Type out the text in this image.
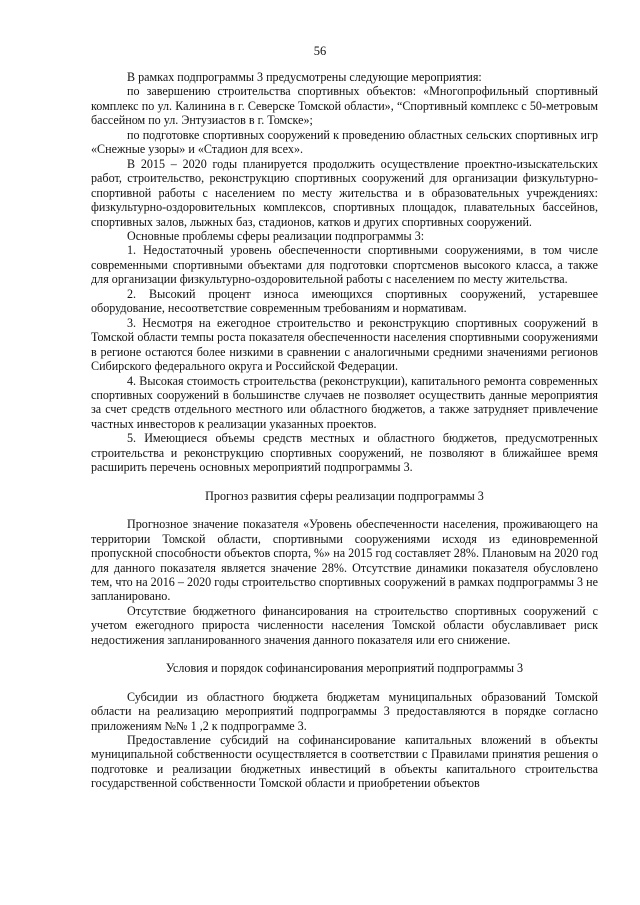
56

В рамках подпрограммы 3 предусмотрены следующие мероприятия:

по завершению строительства спортивных объектов: «Многопрофильный спортивный комплекс по ул. Калинина в г. Северске Томской области», “Спортивный комплекс с 50-метровым бассейном по ул. Энтузиастов в г. Томске»;

по подготовке спортивных сооружений к проведению областных сельских спортивных игр «Снежные узоры» и «Стадион для всех».

В 2015 – 2020 годы планируется продолжить осуществление проектно-изыскательских работ, строительство, реконструкцию спортивных сооружений для организации физкультурно-спортивной работы с населением по месту жительства и в образовательных учреждениях: физкультурно-оздоровительных комплексов, спортивных площадок, плавательных бассейнов, спортивных залов, лыжных баз, стадионов, катков и других спортивных сооружений.

Основные проблемы сферы реализации подпрограммы 3:

1. Недостаточный уровень обеспеченности спортивными сооружениями, в том числе современными спортивными объектами для подготовки спортсменов высокого класса, а также для организации физкультурно-оздоровительной работы с населением по месту жительства.

2. Высокий процент износа имеющихся спортивных сооружений, устаревшее оборудование, несоответствие современным требованиям и нормативам.

3. Несмотря на ежегодное строительство и реконструкцию спортивных сооружений в Томской области темпы роста показателя обеспеченности населения спортивными сооружениями в регионе остаются более низкими в сравнении с аналогичными средними значениями регионов Сибирского федерального округа и Российской Федерации.

4. Высокая стоимость строительства (реконструкции), капитального ремонта современных спортивных сооружений в большинстве случаев не позволяет осуществить данные мероприятия за счет средств отдельного местного или областного бюджетов, а также затрудняет привлечение частных инвесторов к реализации указанных проектов.

5. Имеющиеся объемы средств местных и областного бюджетов, предусмотренных строительства и реконструкцию спортивных сооружений, не позволяют в ближайшее время расширить перечень основных мероприятий подпрограммы 3.

Прогноз развития сферы реализации подпрограммы 3

Прогнозное значение показателя «Уровень обеспеченности населения, проживающего на территории Томской области, спортивными сооружениями исходя из единовременной пропускной способности объектов спорта, %» на 2015 год составляет 28%. Плановым на 2020 год для данного показателя является значение 28%. Отсутствие динамики показателя обусловлено тем, что на 2016 – 2020 годы строительство спортивных сооружений в рамках подпрограммы 3 не запланировано.

Отсутствие бюджетного финансирования на строительство спортивных сооружений с учетом ежегодного прироста численности населения Томской области обуславливает риск недостижения запланированного значения данного показателя или его снижение.

Условия и порядок софинансирования мероприятий подпрограммы 3

Субсидии из областного бюджета бюджетам муниципальных образований Томской области на реализацию мероприятий подпрограммы 3 предоставляются в порядке согласно приложениям №№ 1 ,2 к подпрограмме 3.

Предоставление субсидий на софинансирование капитальных вложений в объекты муниципальной собственности осуществляется в соответствии с Правилами принятия решения о подготовке и реализации бюджетных инвестиций в объекты капитального строительства государственной собственности Томской области и приобретении объектов
